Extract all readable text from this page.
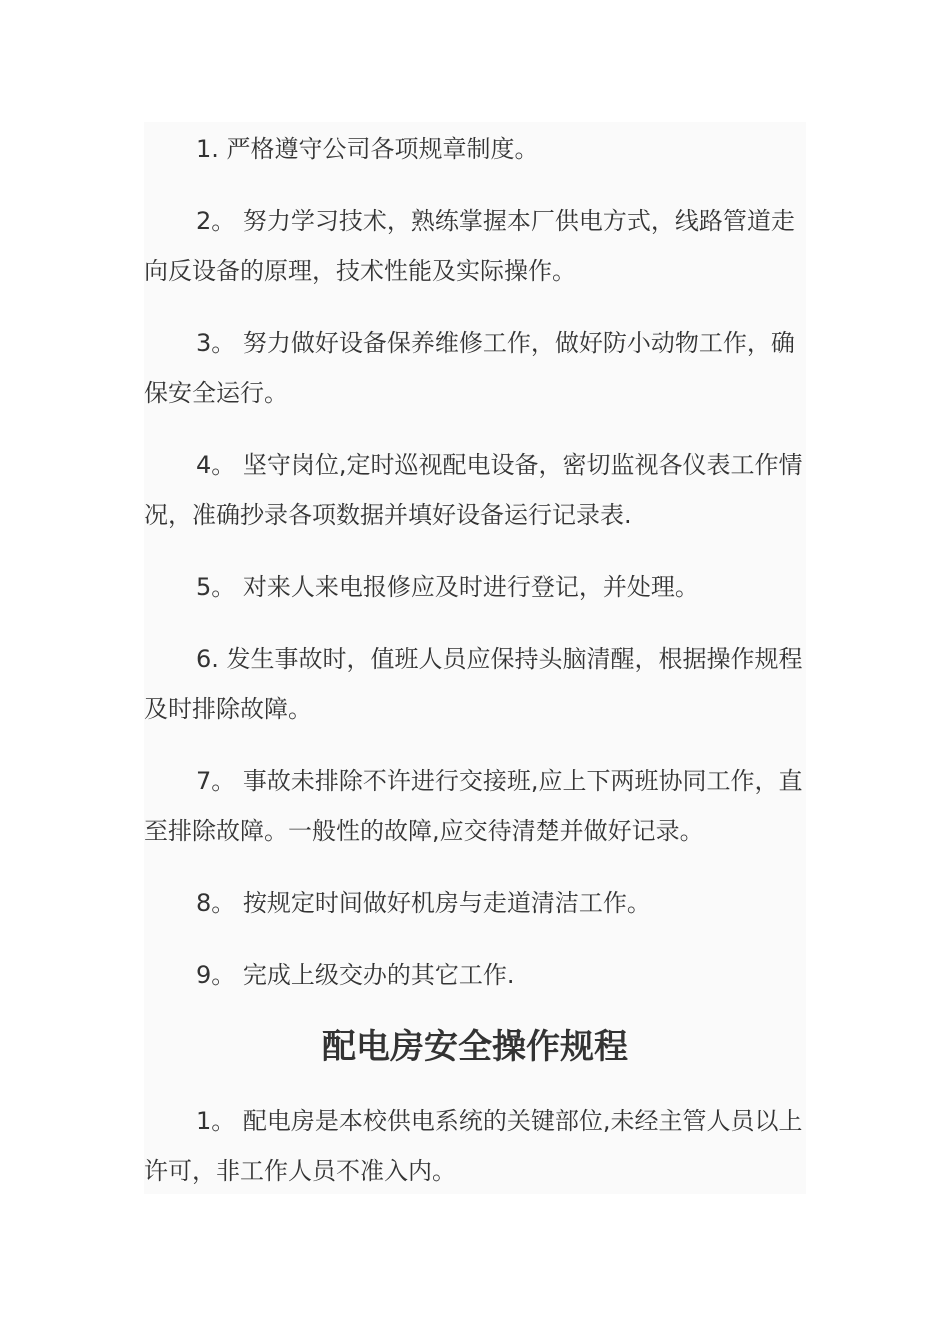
1. 严格遵守公司各项规章制度。

2。 努力学习技术，熟练掌握本厂供电方式，线路管道走向反设备的原理，技术性能及实际操作。

3。 努力做好设备保养维修工作，做好防小动物工作，确保安全运行。

4。 坚守岗位,定时巡视配电设备，密切监视各仪表工作情况，准确抄录各项数据并填好设备运行记录表.

5。 对来人来电报修应及时进行登记，并处理。

6. 发生事故时，值班人员应保持头脑清醒，根据操作规程及时排除故障。

7。 事故未排除不许进行交接班,应上下两班协同工作，直至排除故障。一般性的故障,应交待清楚并做好记录。

8。 按规定时间做好机房与走道清洁工作。

9。 完成上级交办的其它工作.

配电房安全操作规程

1。 配电房是本校供电系统的关键部位,未经主管人员以上许可，非工作人员不准入内。
